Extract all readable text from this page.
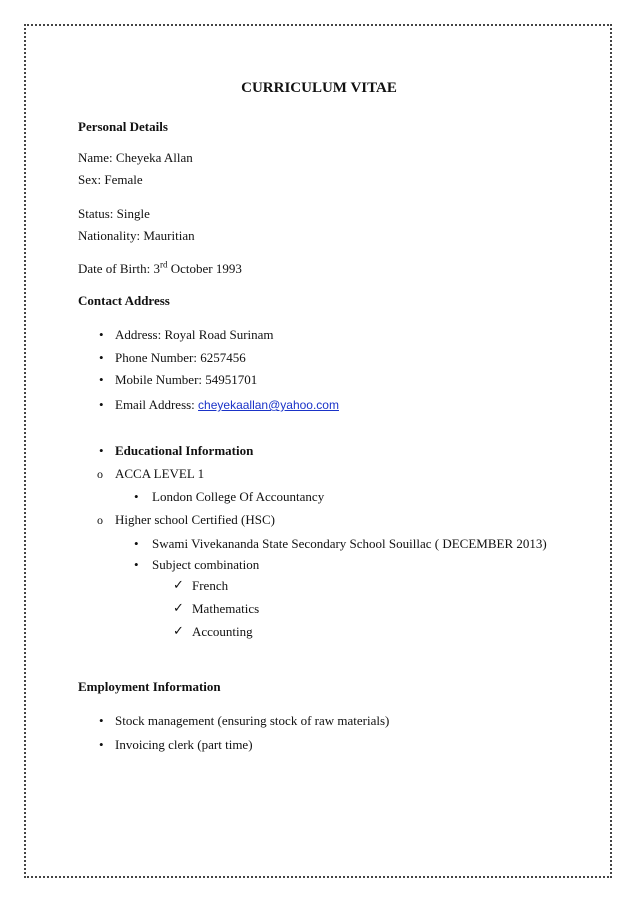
CURRICULUM VITAE
Personal Details
Name: Cheyeka Allan
Sex: Female
Status: Single
Nationality: Mauritian
Date of Birth: 3rd October 1993
Contact Address
• Address: Royal Road Surinam
• Phone Number: 6257456
• Mobile Number: 54951701
• Email Address: cheyekaallan@yahoo.com
• Educational Information
o ACCA LEVEL 1
• London College Of Accountancy
o Higher school Certified (HSC)
• Swami Vivekananda State Secondary School Souillac ( DECEMBER 2013)
• Subject combination
✓ French
✓ Mathematics
✓ Accounting
Employment Information
• Stock management (ensuring stock of raw materials)
• Invoicing clerk (part time)
